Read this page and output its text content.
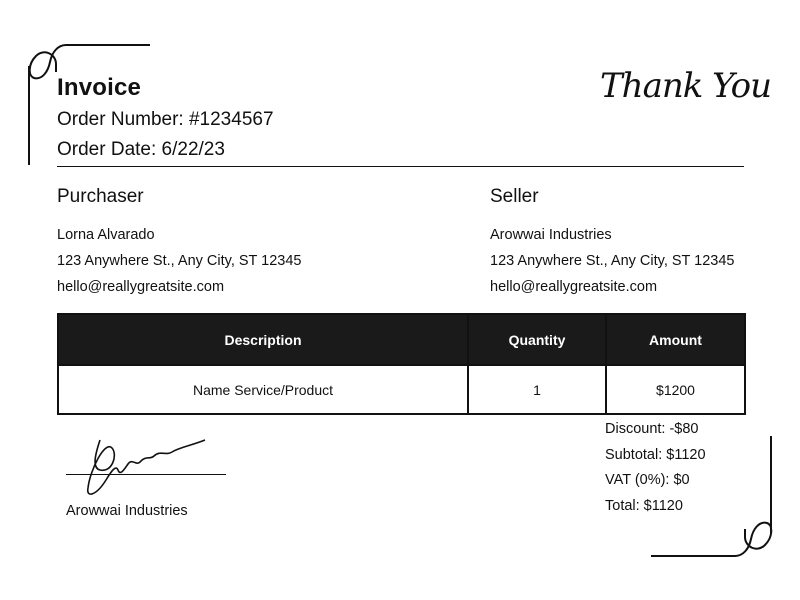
Invoice
Order Number: #1234567
Order Date: 6/22/23
Thank You
Purchaser
Lorna Alvarado
123 Anywhere St., Any City, ST 12345
hello@reallygreatsite.com
Seller
Arowwai Industries
123 Anywhere St., Any City, ST 12345
hello@reallygreatsite.com
Description	Quantity	Amount
Name Service/Product	1	$1200
Discount: -$80
Subtotal: $1120
VAT (0%): $0
Total: $1120
Arowwai Industries
